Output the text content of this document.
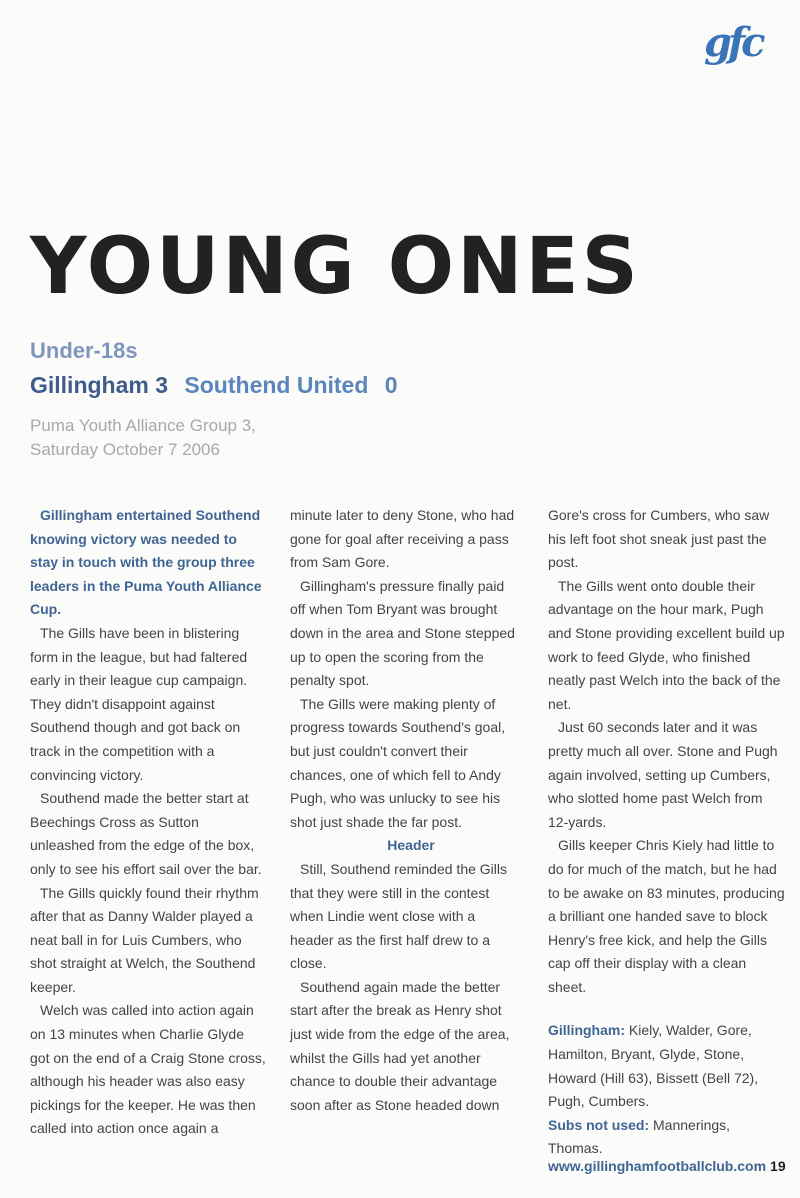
gfc
YOUNG ONES
Under-18s
Gillingham 3 Southend United 0
Puma Youth Alliance Group 3,
Saturday October 7 2006

Gillingham entertained Southend knowing victory was needed to stay in touch with the group three leaders in the Puma Youth Alliance Cup.

The Gills have been in blistering form in the league, but had faltered early in their league cup campaign. They didn't disappoint against Southend though and got back on track in the competition with a convincing victory.

Southend made the better start at Beechings Cross as Sutton unleashed from the edge of the box, only to see his effort sail over the bar.

The Gills quickly found their rhythm after that as Danny Walder played a neat ball in for Luis Cumbers, who shot straight at Welch, the Southend keeper.

Welch was called into action again on 13 minutes when Charlie Glyde got on the end of a Craig Stone cross, although his header was also easy pickings for the keeper. He was then called into action once again a

minute later to deny Stone, who had gone for goal after receiving a pass from Sam Gore.

Gillingham's pressure finally paid off when Tom Bryant was brought down in the area and Stone stepped up to open the scoring from the penalty spot.

The Gills were making plenty of progress towards Southend's goal, but just couldn't convert their chances, one of which fell to Andy Pugh, who was unlucky to see his shot just shade the far post.

Header

Still, Southend reminded the Gills that they were still in the contest when Lindie went close with a header as the first half drew to a close.

Southend again made the better start after the break as Henry shot just wide from the edge of the area, whilst the Gills had yet another chance to double their advantage soon after as Stone headed down

Gore's cross for Cumbers, who saw his left foot shot sneak just past the post.

The Gills went onto double their advantage on the hour mark, Pugh and Stone providing excellent build up work to feed Glyde, who finished neatly past Welch into the back of the net.

Just 60 seconds later and it was pretty much all over. Stone and Pugh again involved, setting up Cumbers, who slotted home past Welch from 12-yards.

Gills keeper Chris Kiely had little to do for much of the match, but he had to be awake on 83 minutes, producing a brilliant one handed save to block Henry's free kick, and help the Gills cap off their display with a clean sheet.

Gillingham: Kiely, Walder, Gore, Hamilton, Bryant, Glyde, Stone, Howard (Hill 63), Bissett (Bell 72), Pugh, Cumbers.

Subs not used: Mannerings, Thomas.

www.gillinghamfootballclub.com 19
